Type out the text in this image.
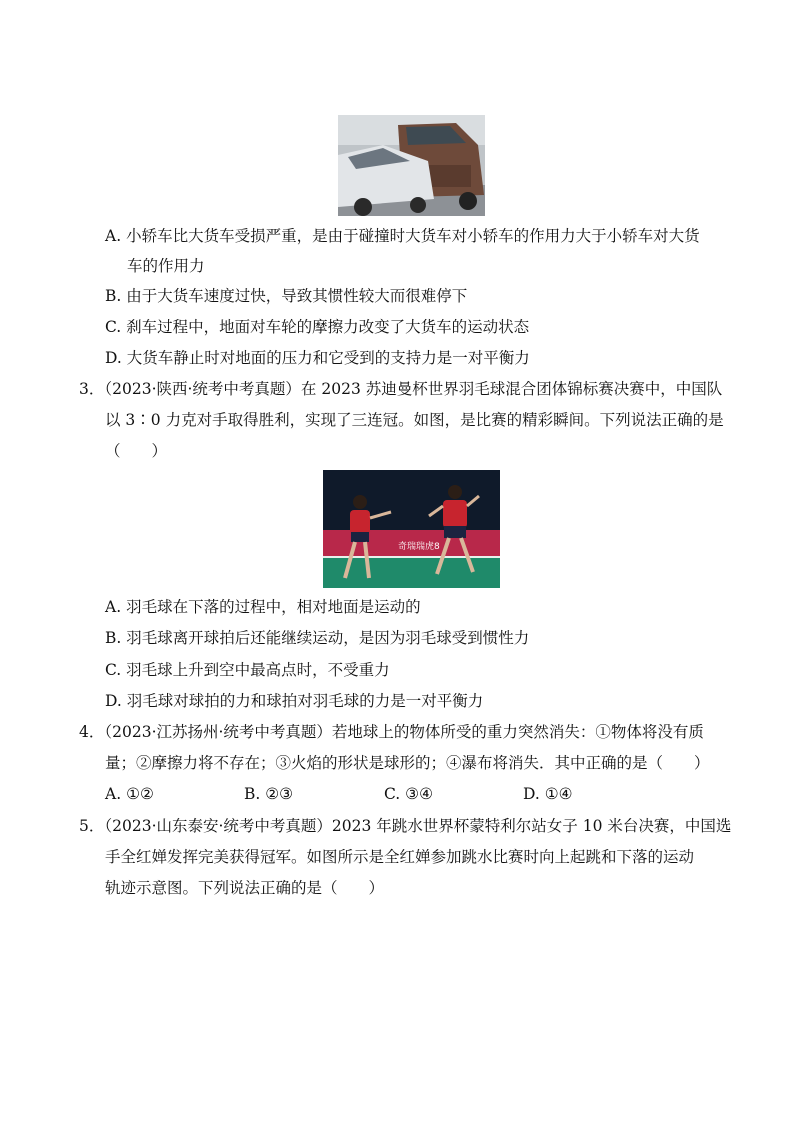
A. 小轿车比大货车受损严重，是由于碰撞时大货车对小轿车的作用力大于小轿车对大货
车的作用力
B. 由于大货车速度过快，导致其惯性较大而很难停下
C. 刹车过程中，地面对车轮的摩擦力改变了大货车的运动状态
D. 大货车静止时对地面的压力和它受到的支持力是一对平衡力
3．（2023·陕西·统考中考真题）在 2023 苏迪曼杯世界羽毛球混合团体锦标赛决赛中，中国队
以 3∶0 力克对手取得胜利，实现了三连冠。如图，是比赛的精彩瞬间。下列说法正确的是
（　　）
奇瑞瑞虎8
A. 羽毛球在下落的过程中，相对地面是运动的
B. 羽毛球离开球拍后还能继续运动，是因为羽毛球受到惯性力
C. 羽毛球上升到空中最高点时，不受重力
D. 羽毛球对球拍的力和球拍对羽毛球的力是一对平衡力
4．（2023·江苏扬州·统考中考真题）若地球上的物体所受的重力突然消失：①物体将没有质
量；②摩擦力将不存在；③火焰的形状是球形的；④瀑布将消失．其中正确的是（　　）
A. ①②	B. ②③	C. ③④	D. ①④
5．（2023·山东泰安·统考中考真题）2023 年跳水世界杯蒙特利尔站女子 10 米台决赛，中国选
手全红婵发挥完美获得冠军。如图所示是全红婵参加跳水比赛时向上起跳和下落的运动
轨迹示意图。下列说法正确的是（　　）
